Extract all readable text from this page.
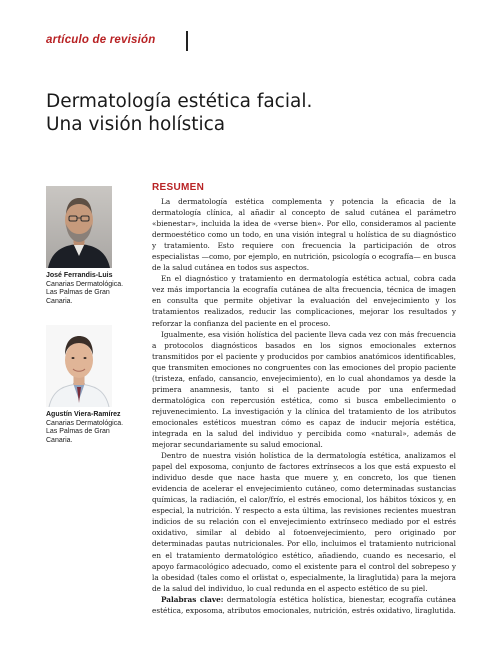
artículo de revisión
Dermatología estética facial.
Una visión holística
José Ferrandis-Luis
Canarias Dermatológica.
Las Palmas de Gran
Canaria.
Agustín Viera-Ramírez
Canarias Dermatológica.
Las Palmas de Gran
Canaria.
RESUMEN

La dermatología estética complementa y potencia la eficacia de la dermatología clínica, al añadir al concepto de salud cutánea el parámetro «bienestar», incluida la idea de «verse bien». Por ello, consideramos al paciente dermoestético como un todo, en una visión integral u holística de su diagnóstico y tratamiento. Esto requiere con frecuencia la participación de otros especialistas —como, por ejemplo, en nutrición, psicología o ecografía— en busca de la salud cutánea en todos sus aspectos.

En el diagnóstico y tratamiento en dermatología estética actual, cobra cada vez más importancia la ecografía cutánea de alta frecuencia, técnica de imagen en consulta que permite objetivar la evaluación del envejecimiento y los tratamientos realizados, reducir las complicaciones, mejorar los resultados y reforzar la confianza del paciente en el proceso.

Igualmente, esa visión holística del paciente lleva cada vez con más frecuencia a protocolos diagnósticos basados en los signos emocionales externos transmitidos por el paciente y producidos por cambios anatómicos identificables, que transmiten emociones no congruentes con las emociones del propio paciente (tristeza, enfado, cansancio, envejecimiento), en lo cual ahondamos ya desde la primera anamnesis, tanto si el paciente acude por una enfermedad dermatológica con repercusión estética, como si busca embellecimiento o rejuvenecimiento. La investigación y la clínica del tratamiento de los atributos emocionales estéticos muestran cómo es capaz de inducir mejoría estética, integrada en la salud del individuo y percibida como «natural», además de mejorar secundariamente su salud emocional.

Dentro de nuestra visión holística de la dermatología estética, analizamos el papel del exposoma, conjunto de factores extrínsecos a los que está expuesto el individuo desde que nace hasta que muere y, en concreto, los que tienen evidencia de acelerar el envejecimiento cutáneo, como determinadas sustancias químicas, la radiación, el calor/frío, el estrés emocional, los hábitos tóxicos y, en especial, la nutrición. Y respecto a esta última, las revisiones recientes muestran indicios de su relación con el envejecimiento extrínseco mediado por el estrés oxidativo, similar al debido al fotoenvejecimiento, pero originado por determinadas pautas nutricionales. Por ello, incluimos el tratamiento nutricional en el tratamiento dermatológico estético, añadiendo, cuando es necesario, el apoyo farmacológico adecuado, como el existente para el control del sobrepeso y la obesidad (tales como el orlistat o, especialmente, la liraglutida) para la mejora de la salud del individuo, lo cual redunda en el aspecto estético de su piel.

Palabras clave: dermatología estética holística, bienestar, ecografía cutánea estética, exposoma, atributos emocionales, nutrición, estrés oxidativo, liraglutida.
